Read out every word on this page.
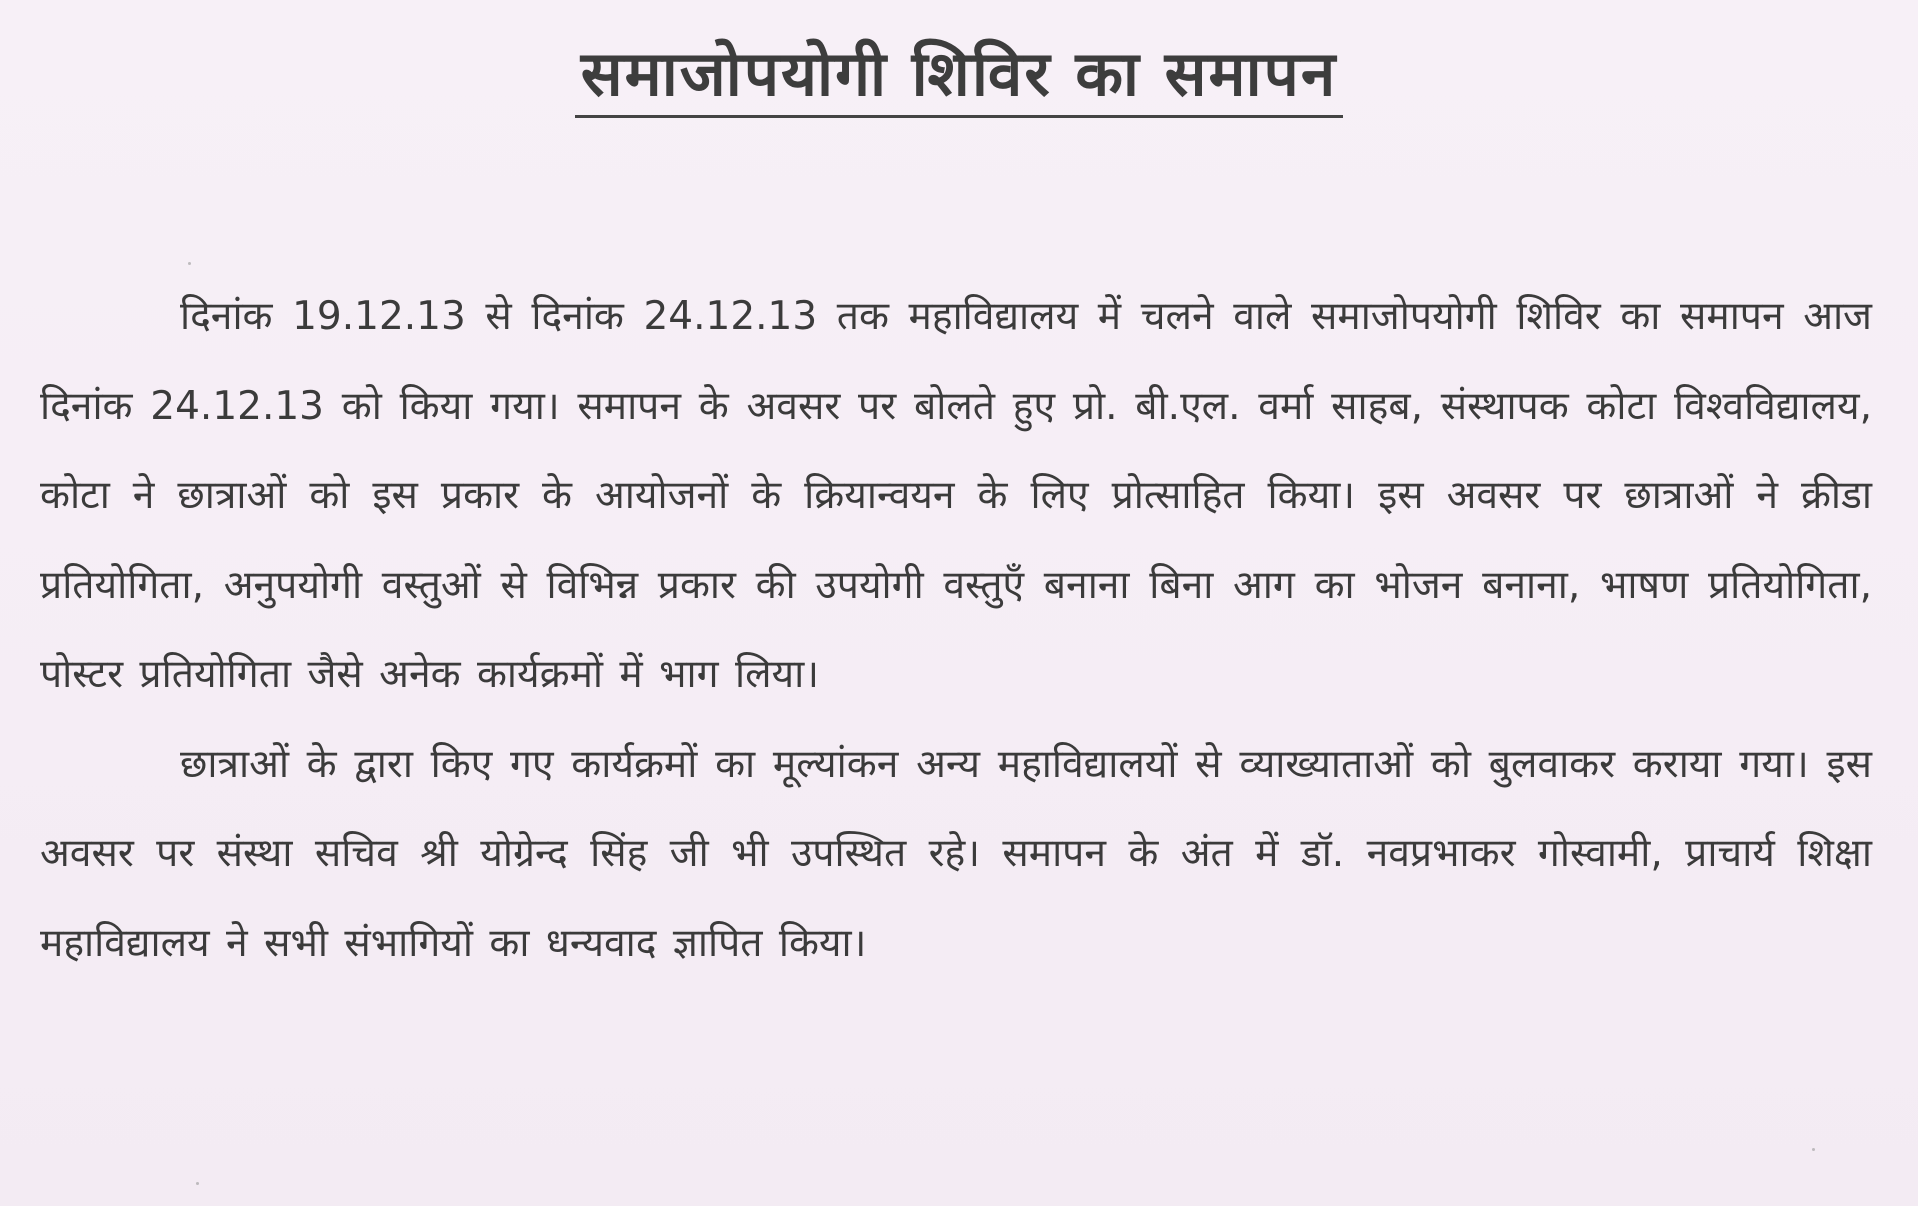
समाजोपयोगी शिविर का समापन

दिनांक 19.12.13 से दिनांक 24.12.13 तक महाविद्यालय में चलने वाले समाजोपयोगी शिविर का समापन आज दिनांक 24.12.13 को किया गया। समापन के अवसर पर बोलते हुए प्रो. बी.एल. वर्मा साहब, संस्थापक कोटा विश्वविद्यालय, कोटा ने छात्राओं को इस प्रकार के आयोजनों के क्रियान्वयन के लिए प्रोत्साहित किया। इस अवसर पर छात्राओं ने क्रीडा प्रतियोगिता, अनुपयोगी वस्तुओं से विभिन्न प्रकार की उपयोगी वस्तुएँ बनाना बिना आग का भोजन बनाना, भाषण प्रतियोगिता, पोस्टर प्रतियोगिता जैसे अनेक कार्यक्रमों में भाग लिया।

छात्राओं के द्वारा किए गए कार्यक्रमों का मूल्यांकन अन्य महाविद्यालयों से व्याख्याताओं को बुलवाकर कराया गया। इस अवसर पर संस्था सचिव श्री योग्रेन्द सिंह जी भी उपस्थित रहे। समापन के अंत में डॉ. नवप्रभाकर गोस्वामी, प्राचार्य शिक्षा महाविद्यालय ने सभी संभागियों का धन्यवाद ज्ञापित किया।
